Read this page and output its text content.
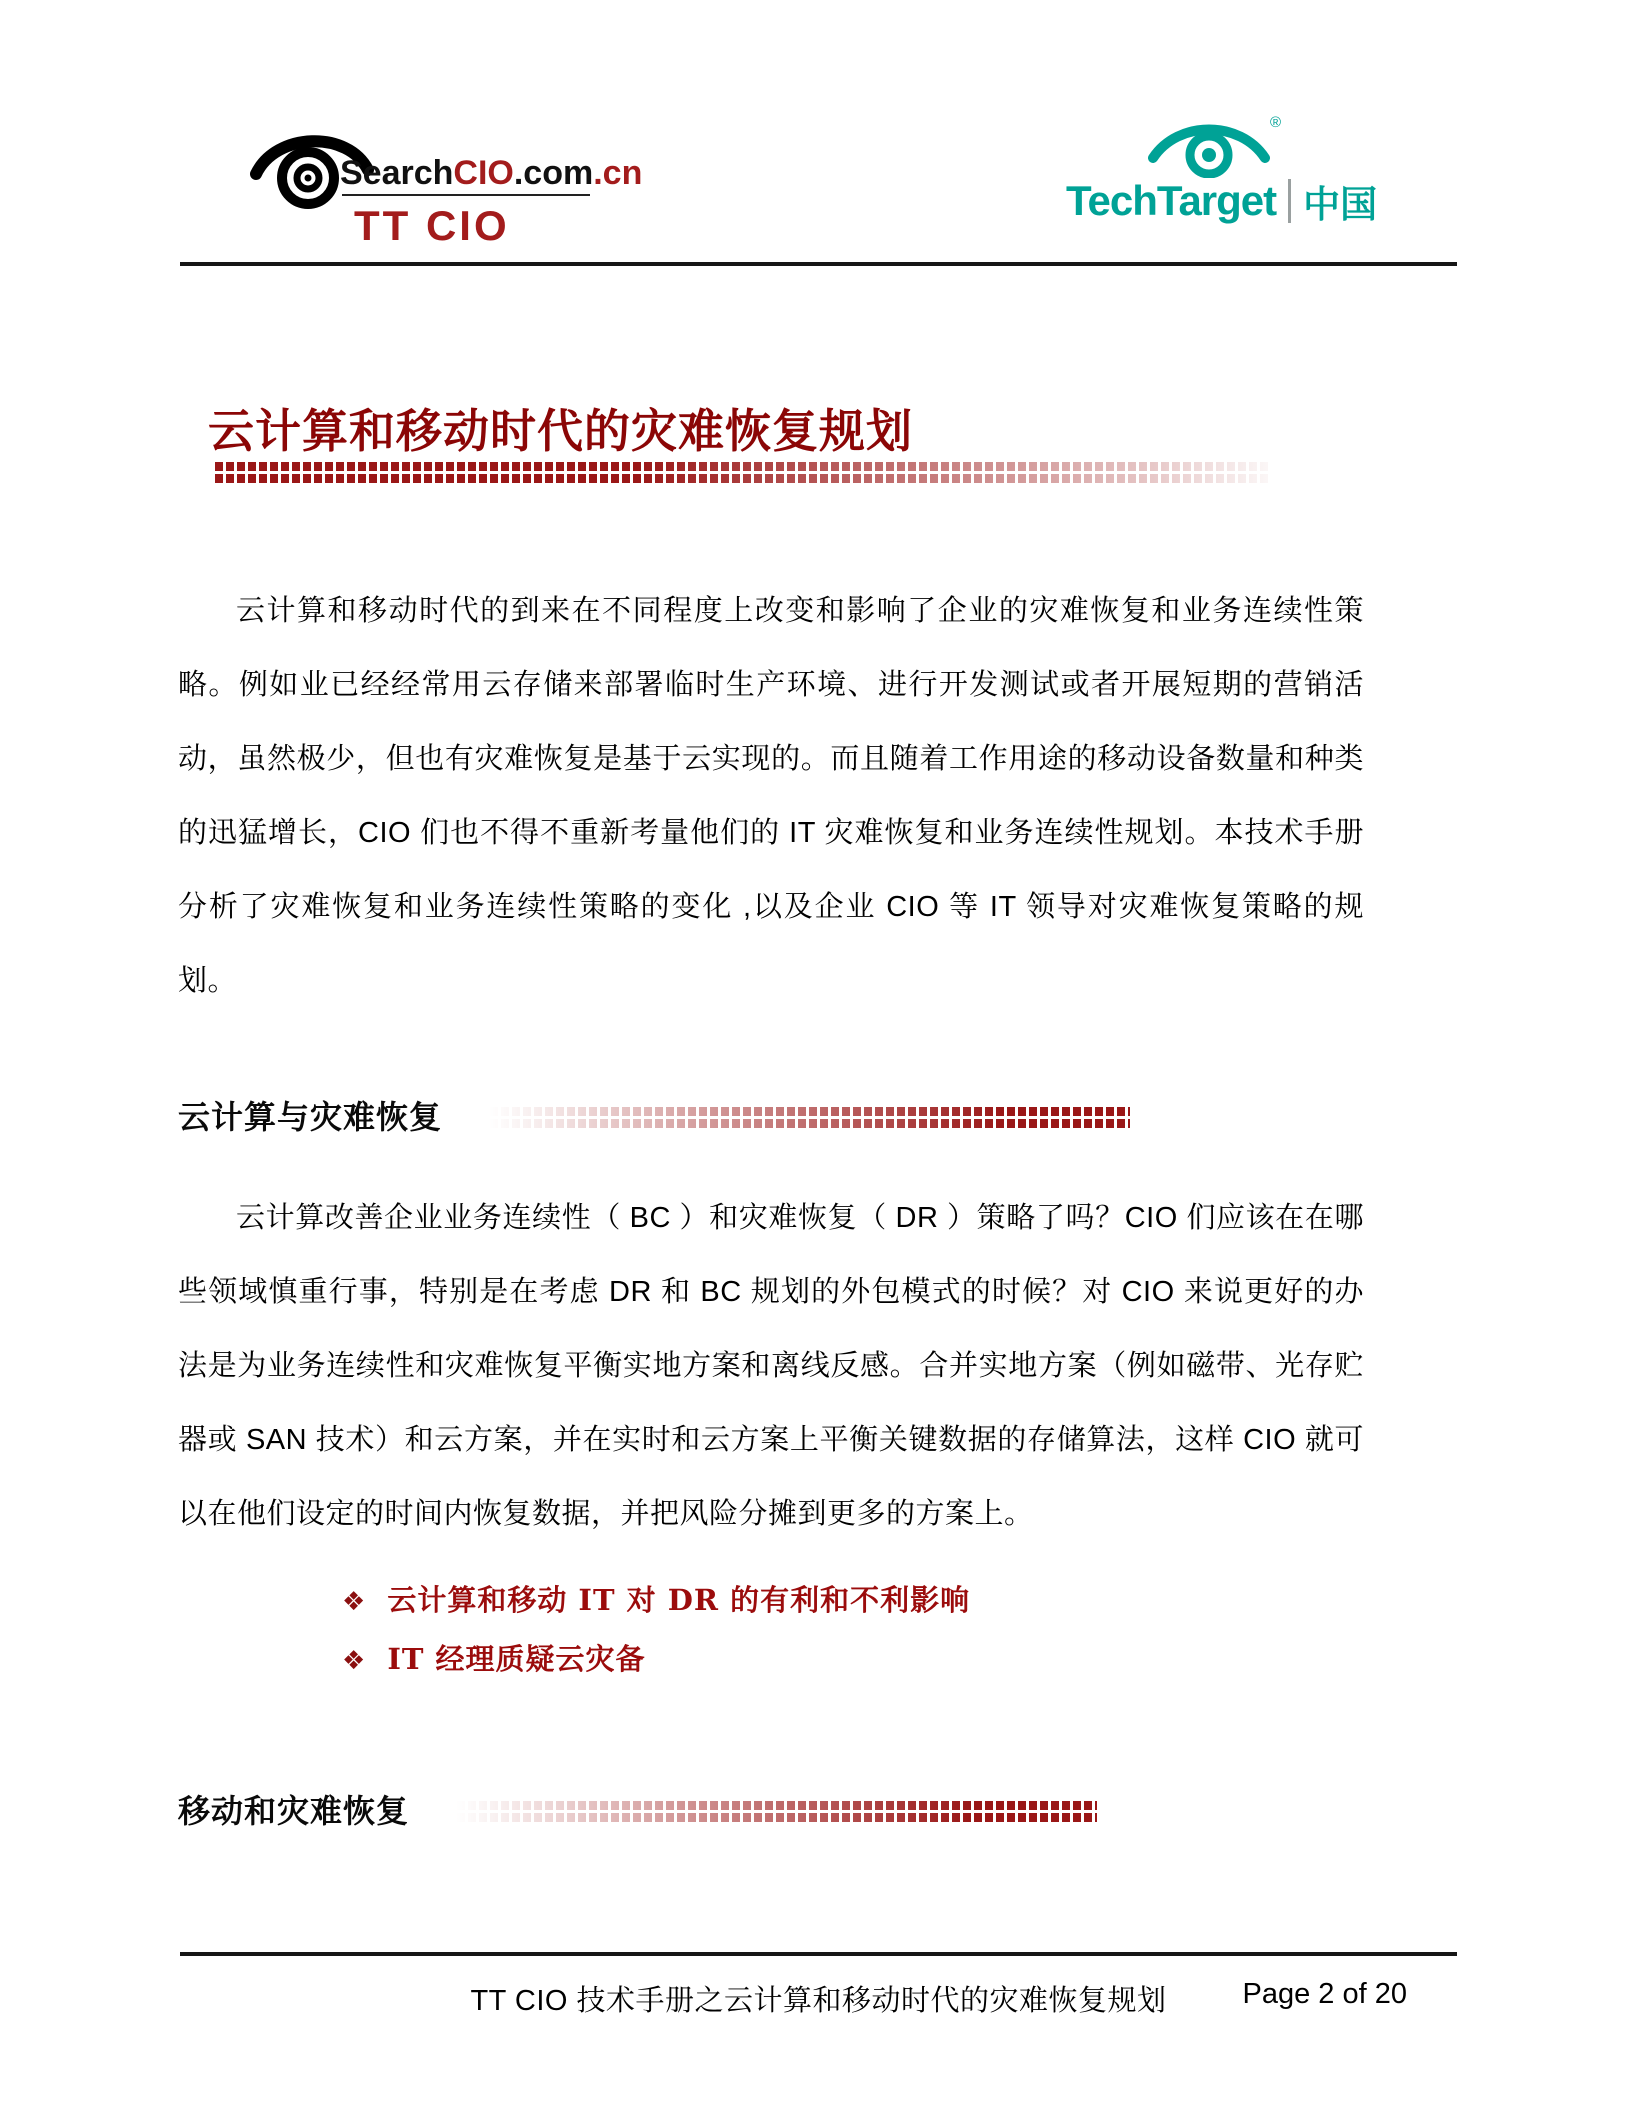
SearchCIO.com.cn
TT CIO
®
TechTarget 中国
云计算和移动时代的灾难恢复规划

云计算和移动时代的到来在不同程度上改变和影响了企业的灾难恢复和业务连续性策略。例如业已经经常用云存储来部署临时生产环境、进行开发测试或者开展短期的营销活动，虽然极少，但也有灾难恢复是基于云实现的。而且随着工作用途的移动设备数量和种类的迅猛增长，CIO 们也不得不重新考量他们的 IT 灾难恢复和业务连续性规划。本技术手册分析了灾难恢复和业务连续性策略的变化 ,以及企业 CIO 等 IT 领导对灾难恢复策略的规划。

云计算与灾难恢复

云计算改善企业业务连续性（ BC ）和灾难恢复（ DR ）策略了吗？CIO 们应该在在哪些领域慎重行事，特别是在考虑 DR 和 BC 规划的外包模式的时候？对 CIO 来说更好的办法是为业务连续性和灾难恢复平衡实地方案和离线反感。合并实地方案（例如磁带、光存贮器或 SAN 技术）和云方案，并在实时和云方案上平衡关键数据的存储算法，这样 CIO 就可以在他们设定的时间内恢复数据，并把风险分摊到更多的方案上。

❖ 云计算和移动 IT 对 DR 的有利和不利影响
❖ IT 经理质疑云灾备
移动和灾难恢复
TT CIO 技术手册之云计算和移动时代的灾难恢复规划	Page 2 of 20
